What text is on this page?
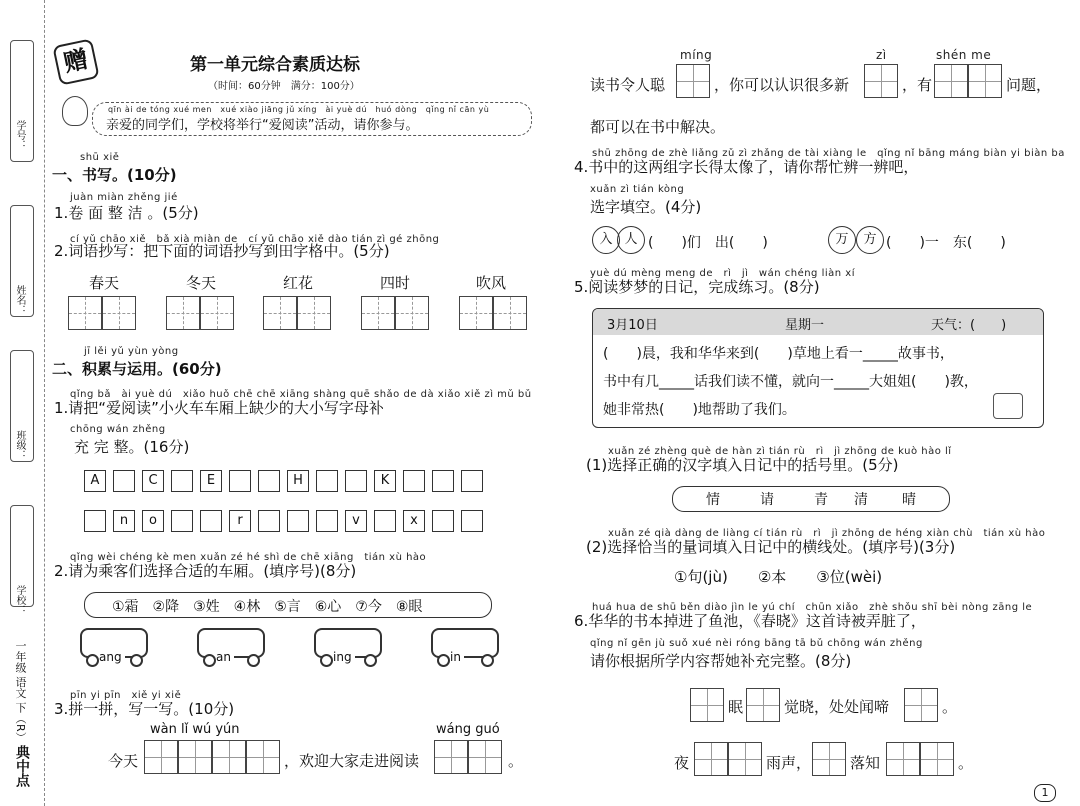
学号：
姓名：
班级：
学校：
一年级 语文 下（R）
典中点
赠	第一单元综合素质达标
（时间：60分钟　满分：100分）
qīn ài de tóng xué men　xué xiào jiāng jǔ xíng　ài yuè dú　huó dòng　qǐng nǐ cān yù
亲爱的同学们，学校将举行“爱阅读”活动，请你参与。
shū xiě
一、书写。(10分)
juàn miàn zhěng jié
1.卷 面 整 洁 。(5分)
cí yǔ chāo xiě　bǎ xià miàn de　cí yǔ chāo xiě dào tián zì gé zhōng
2.词语抄写：把下面的词语抄写到田字格中。(5分)
春天	冬天	红花	四时	吹风
jī lěi yǔ yùn yòng
二、积累与运用。(60分)
qǐng bǎ　ài yuè dú　xiǎo huǒ chē chē xiāng shàng quē shǎo de dà xiǎo xiě zì mǔ bǔ
1.请把“爱阅读”小火车车厢上缺少的大小写字母补
chōng wán zhěng
充 完 整。(16分)
A	C	E	H	K
n	o	r	v	x
qǐng wèi chéng kè men xuǎn zé hé shì de chē xiāng　tián xù hào
2.请为乘客们选择合适的车厢。(填序号)(8分)
①霜　②降　③姓　④林　⑤言　⑥心　⑦今　⑧眼
ang	an	ing	in
pīn yi pīn　xiě yi xiě
3.拼一拼，写一写。(10分)
wàn lǐ wú yún	wáng guó
今天	，欢迎大家走进阅读	。
míng	zì	shén me
读书令人聪	，你可以认识很多新	，有	问题，
都可以在书中解决。
shū zhōng de zhè liǎng zǔ zì zhǎng de tài xiàng le　qǐng nǐ bāng máng biàn yi biàn ba
4.书中的这两组字长得太像了，请你帮忙辨一辨吧，
xuǎn zì tián kòng
选字填空。(4分)
入 人	万	方
(　　)们　出(　　)	(　　)一　东(　　)
yuè dú mèng meng de　rì　jì　wán chéng liàn xí
5.阅读梦梦的日记，完成练习。(8分)
3月10日	星期一	天气：(　　)
(　　)晨，我和华华来到(　　)草地上看一_____故事书，
书中有几_____话我们读不懂，就向一_____大姐姐(　　)教，
她非常热(　　)地帮助了我们。
xuǎn zé zhèng què de hàn zì tián rù　rì　jì zhōng de kuò hào lǐ
(1)选择正确的汉字填入日记中的括号里。(5分)
情	请	青 清 晴
xuǎn zé qià dàng de liàng cí tián rù　rì　jì zhōng de héng xiàn chù　tián xù hào
(2)选择恰当的量词填入日记中的横线处。(填序号)(3分)
①句(jù)　　②本　　③位(wèi)
huá hua de shū běn diào jìn le yú chí　chūn xiǎo　zhè shǒu shī bèi nòng zāng le
6.华华的书本掉进了鱼池，《春晓》这首诗被弄脏了，
qǐng nǐ gēn jù suǒ xué nèi róng bāng tā bǔ chōng wán zhěng
请你根据所学内容帮她补充完整。(8分)
眠	觉晓，处处闻啼	。
夜	雨声，	落知	。
1
